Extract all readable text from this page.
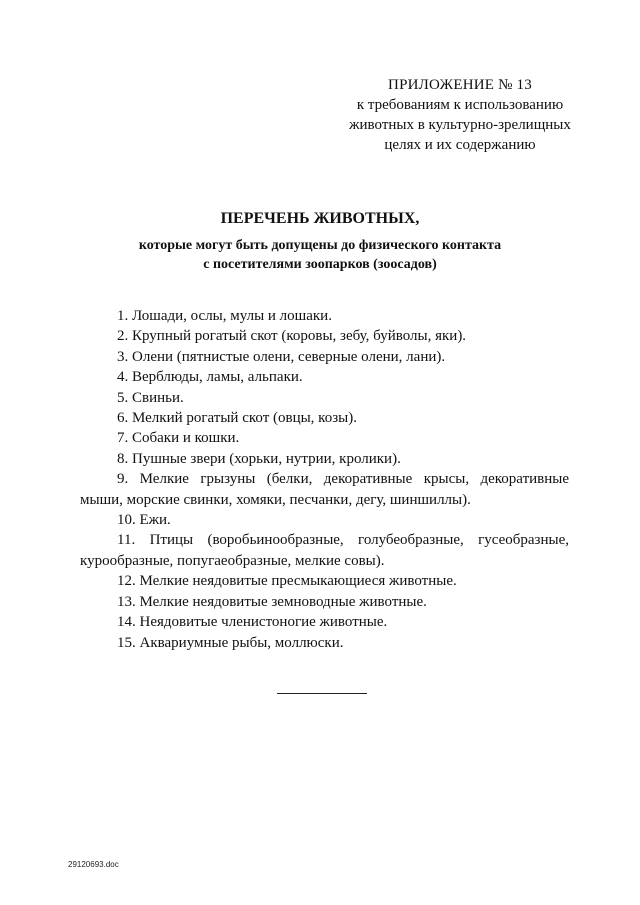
ПРИЛОЖЕНИЕ № 13
к требованиям к использованию
животных в культурно-зрелищных
целях и их содержанию
ПЕРЕЧЕНЬ ЖИВОТНЫХ,
которые могут быть допущены до физического контакта
с посетителями зоопарков (зоосадов)
1. Лошади, ослы, мулы и лошаки.
2. Крупный рогатый скот (коровы, зебу, буйволы, яки).
3. Олени (пятнистые олени, северные олени, лани).
4. Верблюды, ламы, альпаки.
5. Свиньи.
6. Мелкий рогатый скот (овцы, козы).
7. Собаки и кошки.
8. Пушные звери (хорьки, нутрии, кролики).
9. Мелкие грызуны (белки, декоративные крысы, декоративные мыши, морские свинки, хомяки, песчанки, дегу, шиншиллы).
10. Ежи.
11. Птицы (воробьинообразные, голубеобразные, гусеобразные, курообразные, попугаеобразные, мелкие совы).
12. Мелкие неядовитые пресмыкающиеся животные.
13. Мелкие неядовитые земноводные животные.
14. Неядовитые членистоногие животные.
15. Аквариумные рыбы, моллюски.
29120693.doc
